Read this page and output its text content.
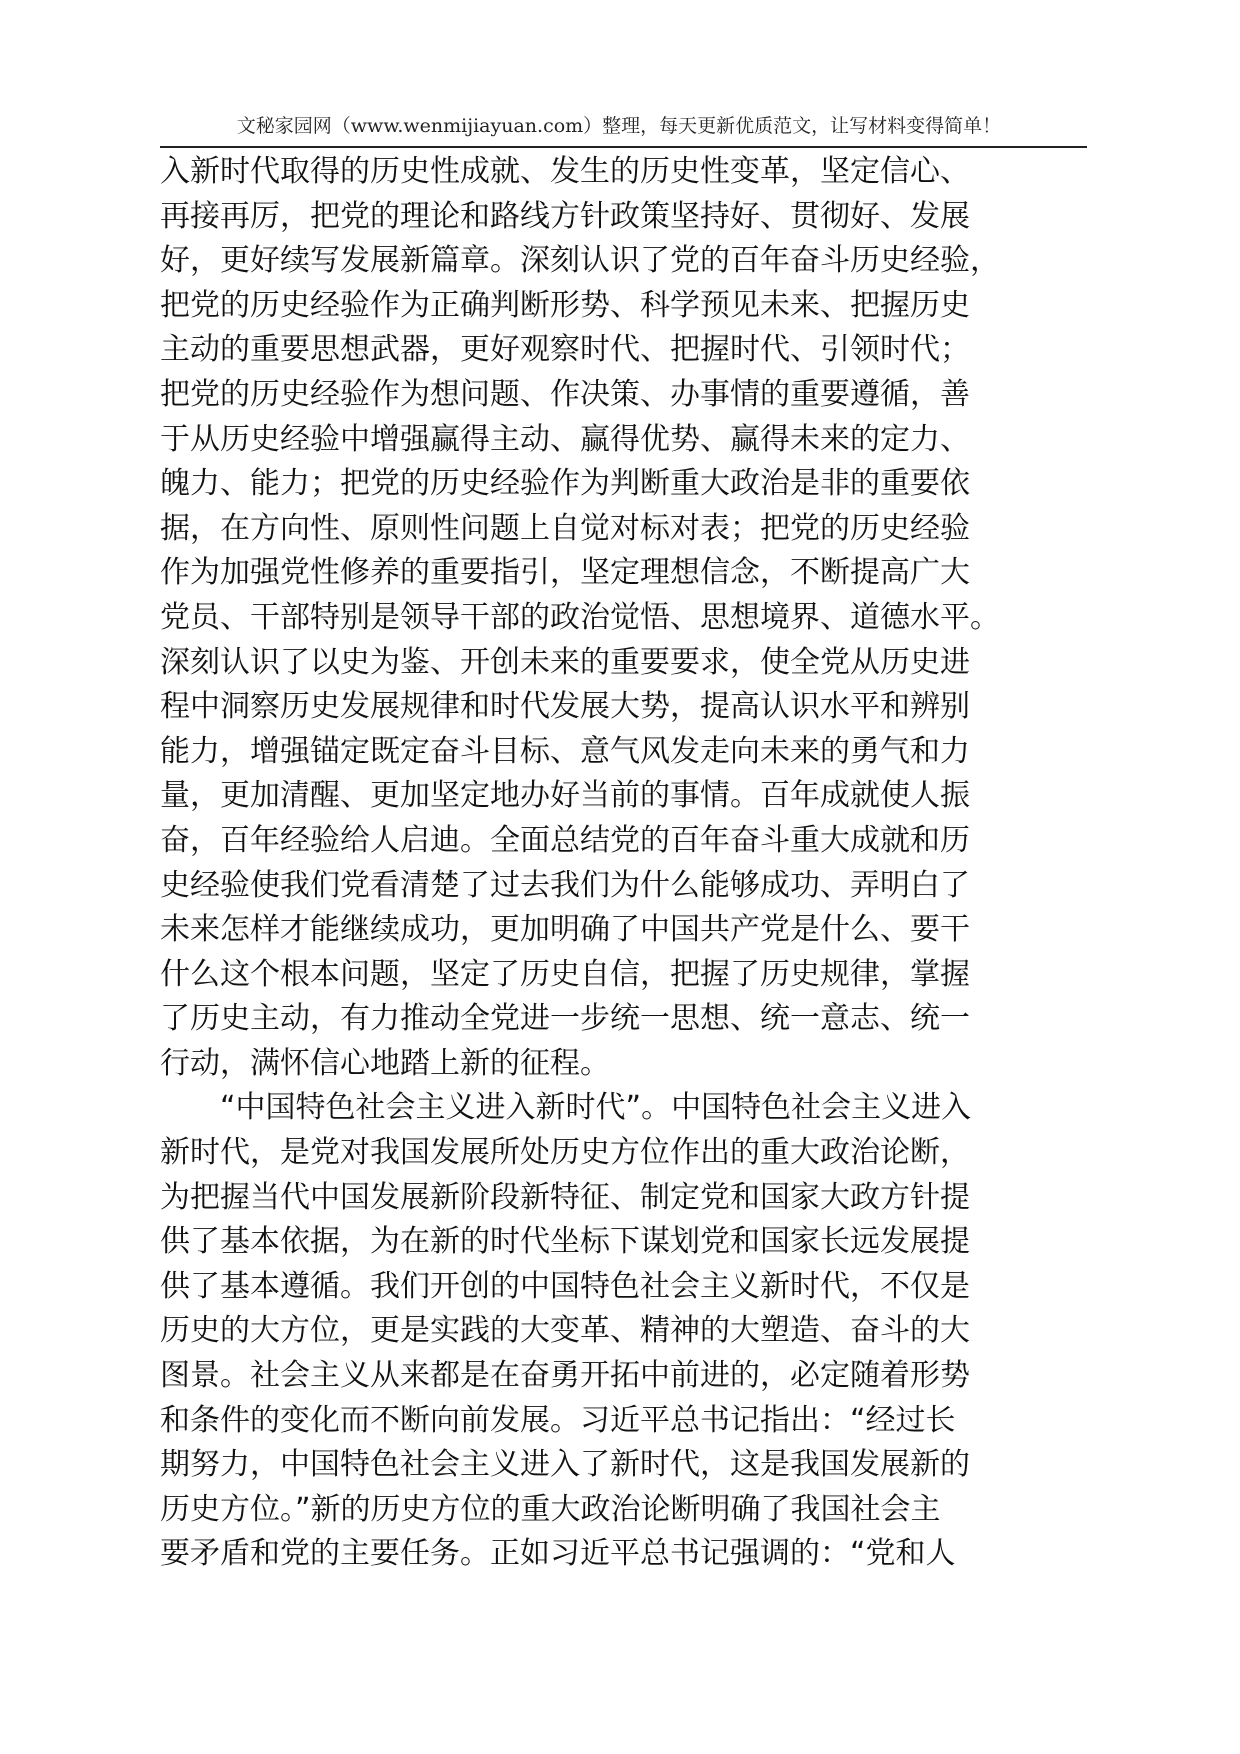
文秘家园网（www.wenmijiayuan.com）整理，每天更新优质范文，让写材料变得简单！
入新时代取得的历史性成就、发生的历史性变革，坚定信心、
再接再厉，把党的理论和路线方针政策坚持好、贯彻好、发展
好，更好续写发展新篇章。深刻认识了党的百年奋斗历史经验，
把党的历史经验作为正确判断形势、科学预见未来、把握历史
主动的重要思想武器，更好观察时代、把握时代、引领时代；
把党的历史经验作为想问题、作决策、办事情的重要遵循，善
于从历史经验中增强赢得主动、赢得优势、赢得未来的定力、
魄力、能力；把党的历史经验作为判断重大政治是非的重要依
据，在方向性、原则性问题上自觉对标对表；把党的历史经验
作为加强党性修养的重要指引，坚定理想信念，不断提高广大
党员、干部特别是领导干部的政治觉悟、思想境界、道德水平。
深刻认识了以史为鉴、开创未来的重要要求，使全党从历史进
程中洞察历史发展规律和时代发展大势，提高认识水平和辨别
能力，增强锚定既定奋斗目标、意气风发走向未来的勇气和力
量，更加清醒、更加坚定地办好当前的事情。百年成就使人振
奋，百年经验给人启迪。全面总结党的百年奋斗重大成就和历
史经验使我们党看清楚了过去我们为什么能够成功、弄明白了
未来怎样才能继续成功，更加明确了中国共产党是什么、要干
什么这个根本问题，坚定了历史自信，把握了历史规律，掌握
了历史主动，有力推动全党进一步统一思想、统一意志、统一
行动，满怀信心地踏上新的征程。
“中国特色社会主义进入新时代”。中国特色社会主义进入
新时代，是党对我国发展所处历史方位作出的重大政治论断，
为把握当代中国发展新阶段新特征、制定党和国家大政方针提
供了基本依据，为在新的时代坐标下谋划党和国家长远发展提
供了基本遵循。我们开创的中国特色社会主义新时代，不仅是
历史的大方位，更是实践的大变革、精神的大塑造、奋斗的大
图景。社会主义从来都是在奋勇开拓中前进的，必定随着形势
和条件的变化而不断向前发展。习近平总书记指出：“经过长
期努力，中国特色社会主义进入了新时代，这是我国发展新的
历史方位。”新的历史方位的重大政治论断明确了我国社会主
要矛盾和党的主要任务。正如习近平总书记强调的：“党和人
